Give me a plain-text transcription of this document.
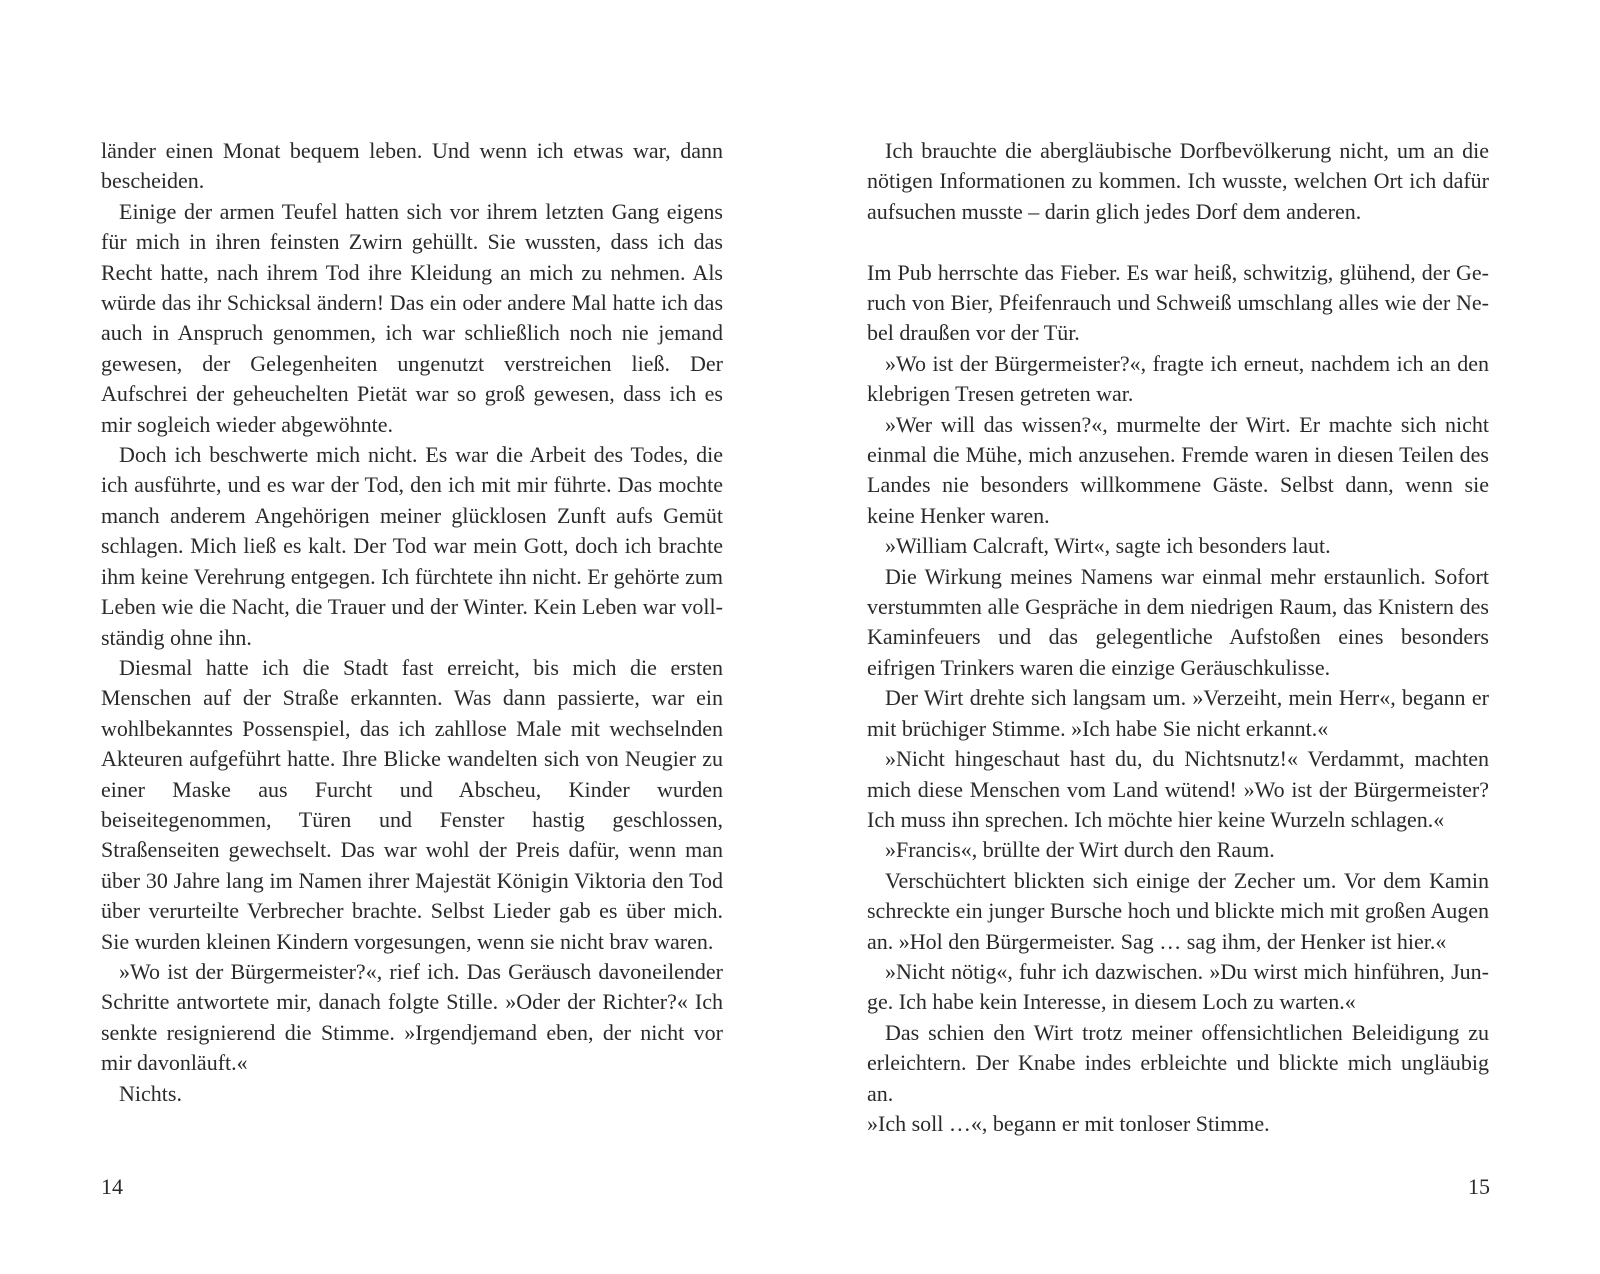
länder einen Monat bequem leben. Und wenn ich etwas war, dann bescheiden.

Einige der armen Teufel hatten sich vor ihrem letzten Gang eigens für mich in ihren feinsten Zwirn gehüllt. Sie wussten, dass ich das Recht hatte, nach ihrem Tod ihre Kleidung an mich zu nehmen. Als würde das ihr Schicksal ändern! Das ein oder andere Mal hatte ich das auch in Anspruch genommen, ich war schließlich noch nie jemand gewesen, der Gelegenheiten ungenutzt verstreichen ließ. Der Aufschrei der geheuchelten Pietät war so groß gewesen, dass ich es mir sogleich wieder abgewöhnte.

Doch ich beschwerte mich nicht. Es war die Arbeit des Todes, die ich ausführte, und es war der Tod, den ich mit mir führte. Das mochte manch anderem Angehörigen meiner glücklosen Zunft aufs Gemüt schlagen. Mich ließ es kalt. Der Tod war mein Gott, doch ich brachte ihm keine Verehrung entgegen. Ich fürchtete ihn nicht. Er gehörte zum Leben wie die Nacht, die Trauer und der Winter. Kein Leben war vollständig ohne ihn.

Diesmal hatte ich die Stadt fast erreicht, bis mich die ersten Menschen auf der Straße erkannten. Was dann passierte, war ein wohlbekanntes Possenspiel, das ich zahllose Male mit wechselnden Akteuren aufgeführt hatte. Ihre Blicke wandelten sich von Neugier zu einer Maske aus Furcht und Abscheu, Kinder wurden beiseitegenommen, Türen und Fenster hastig geschlossen, Straßenseiten gewechselt. Das war wohl der Preis dafür, wenn man über 30 Jahre lang im Namen ihrer Majestät Königin Viktoria den Tod über verurteilte Verbrecher brachte. Selbst Lieder gab es über mich. Sie wurden kleinen Kindern vorgesungen, wenn sie nicht brav waren.

»Wo ist der Bürgermeister?«, rief ich. Das Geräusch davoneilender Schritte antwortete mir, danach folgte Stille. »Oder der Richter?« Ich senkte resignierend die Stimme. »Irgendjemand eben, der nicht vor mir davonläuft.«

Nichts.

14

Ich brauchte die abergläubische Dorfbevölkerung nicht, um an die nötigen Informationen zu kommen. Ich wusste, welchen Ort ich dafür aufsuchen musste – darin glich jedes Dorf dem anderen.

Im Pub herrschte das Fieber. Es war heiß, schwitzig, glühend, der Geruch von Bier, Pfeifenrauch und Schweiß umschlang alles wie der Nebel draußen vor der Tür.

»Wo ist der Bürgermeister?«, fragte ich erneut, nachdem ich an den klebrigen Tresen getreten war.

»Wer will das wissen?«, murmelte der Wirt. Er machte sich nicht einmal die Mühe, mich anzusehen. Fremde waren in diesen Teilen des Landes nie besonders willkommene Gäste. Selbst dann, wenn sie keine Henker waren.

»William Calcraft, Wirt«, sagte ich besonders laut.

Die Wirkung meines Namens war einmal mehr erstaunlich. Sofort verstummten alle Gespräche in dem niedrigen Raum, das Knistern des Kaminfeuers und das gelegentliche Aufstoßen eines besonders eifrigen Trinkers waren die einzige Geräuschkulisse.

Der Wirt drehte sich langsam um. »Verzeiht, mein Herr«, begann er mit brüchiger Stimme. »Ich habe Sie nicht erkannt.«

»Nicht hingeschaut hast du, du Nichtsnutz!« Verdammt, machten mich diese Menschen vom Land wütend! »Wo ist der Bürgermeister? Ich muss ihn sprechen. Ich möchte hier keine Wurzeln schlagen.«

»Francis«, brüllte der Wirt durch den Raum.

Verschüchtert blickten sich einige der Zecher um. Vor dem Kamin schreckte ein junger Bursche hoch und blickte mich mit großen Augen an. »Hol den Bürgermeister. Sag … sag ihm, der Henker ist hier.«

»Nicht nötig«, fuhr ich dazwischen. »Du wirst mich hinführen, Junge. Ich habe kein Interesse, in diesem Loch zu warten.«

Das schien den Wirt trotz meiner offensichtlichen Beleidigung zu erleichtern. Der Knabe indes erbleichte und blickte mich ungläubig an.

»Ich soll …«, begann er mit tonloser Stimme.

15
